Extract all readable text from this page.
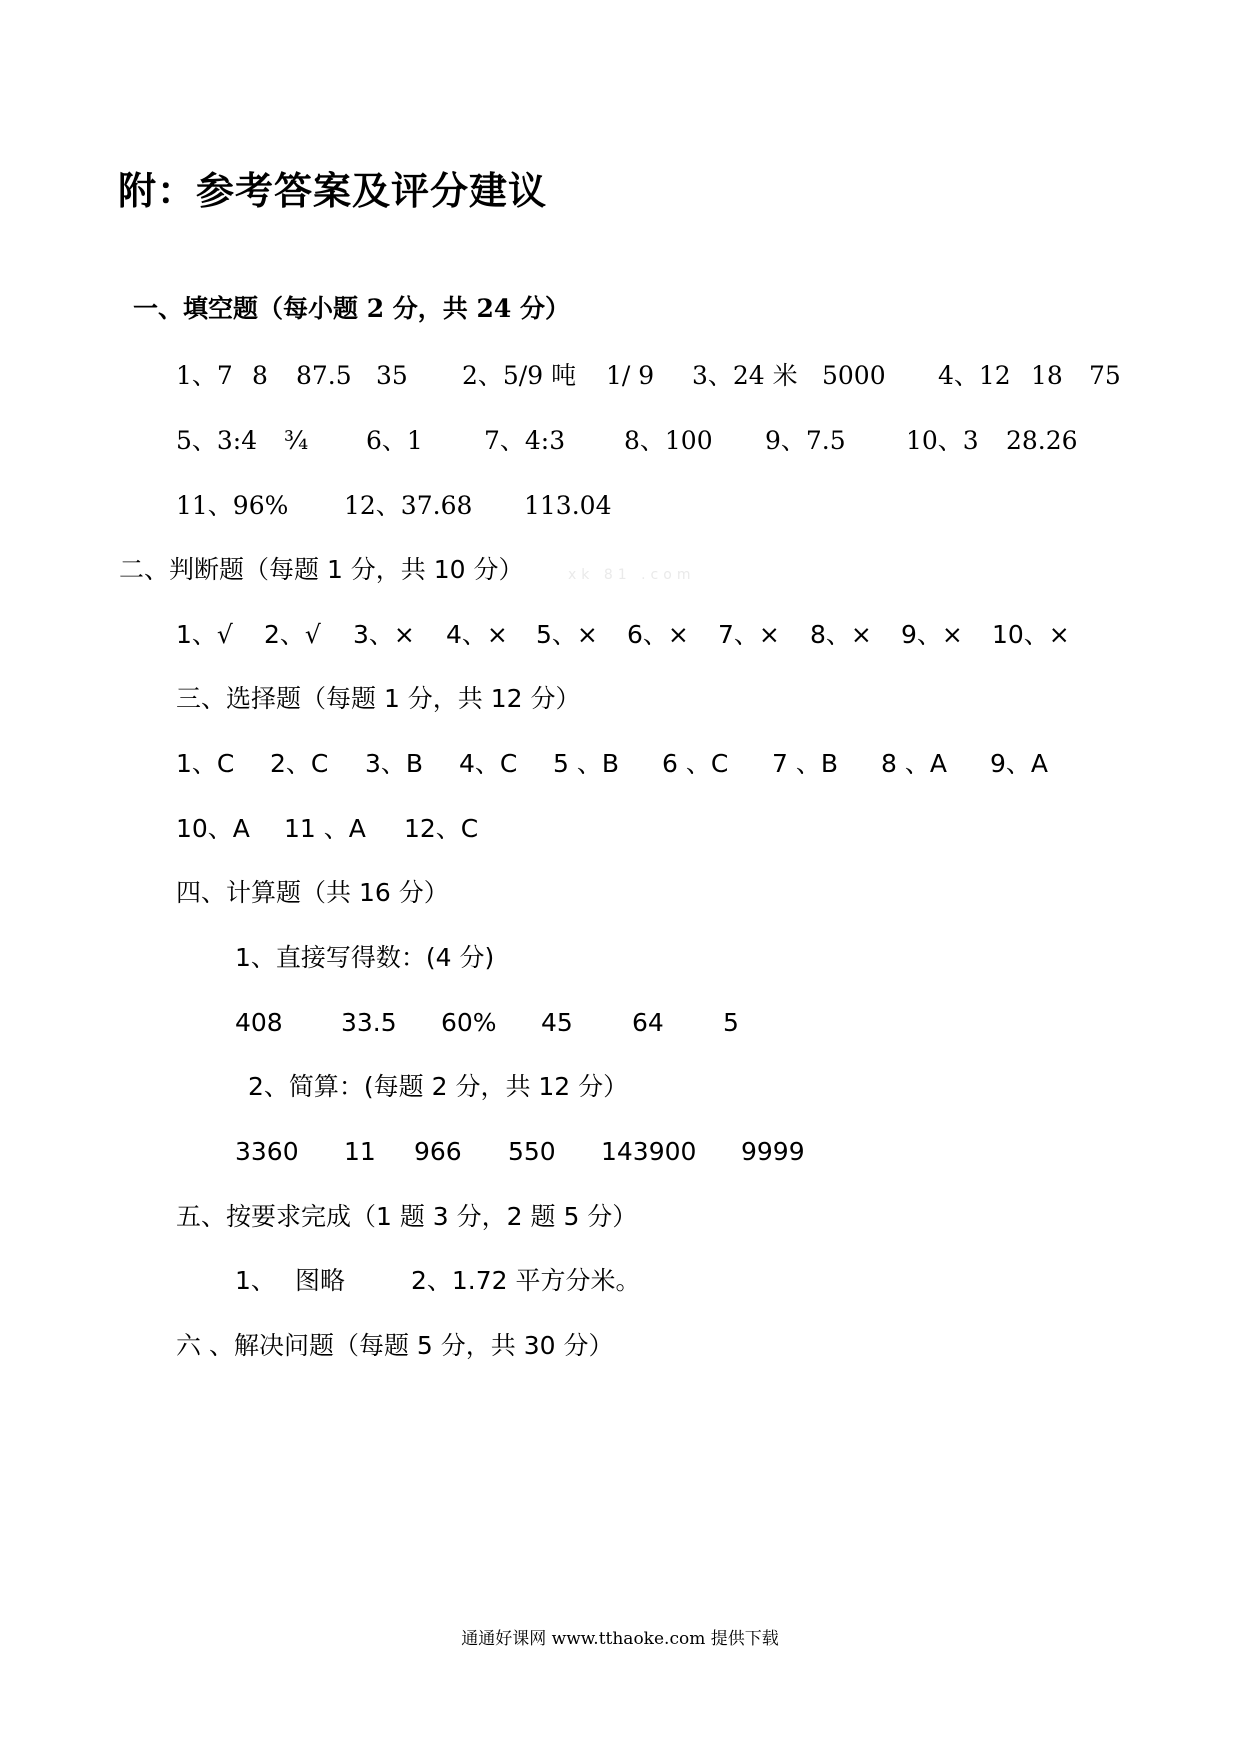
附：参考答案及评分建议
一、填空题（每小题 2 分，共 24 分）
1、7 8 87.5 35 2、5/9 吨 1/ 9 3、24 米 5000 4、12 18 75
5、3:4 ¾ 6、1 7、4:3 8、100 9、7.5 10、3 28.26
11、96% 12、37.68 113.04
二、判断题（每题 1 分，共 10 分）	xk 81 .com
1、√ 2、√ 3、× 4、× 5、× 6、× 7、× 8、× 9、× 10、×
三、选择题（每题 1 分，共 12 分）
1、C 2、C 3、B 4、C 5 、B 6 、C 7 、B 8 、A 9、A
10、A 11 、A 12、C
四、计算题（共 16 分）
1、直接写得数：(4 分)
408 33.5 60% 45 64 5
2、简算：(每题 2 分，共 12 分）
3360 11 966 550 143900 9999
五、按要求完成（1 题 3 分，2 题 5 分）
1、 图略	2、1.72 平方分米。
六 、解决问题（每题 5 分，共 30 分）
通通好课网 www.tthaoke.com 提供下载
